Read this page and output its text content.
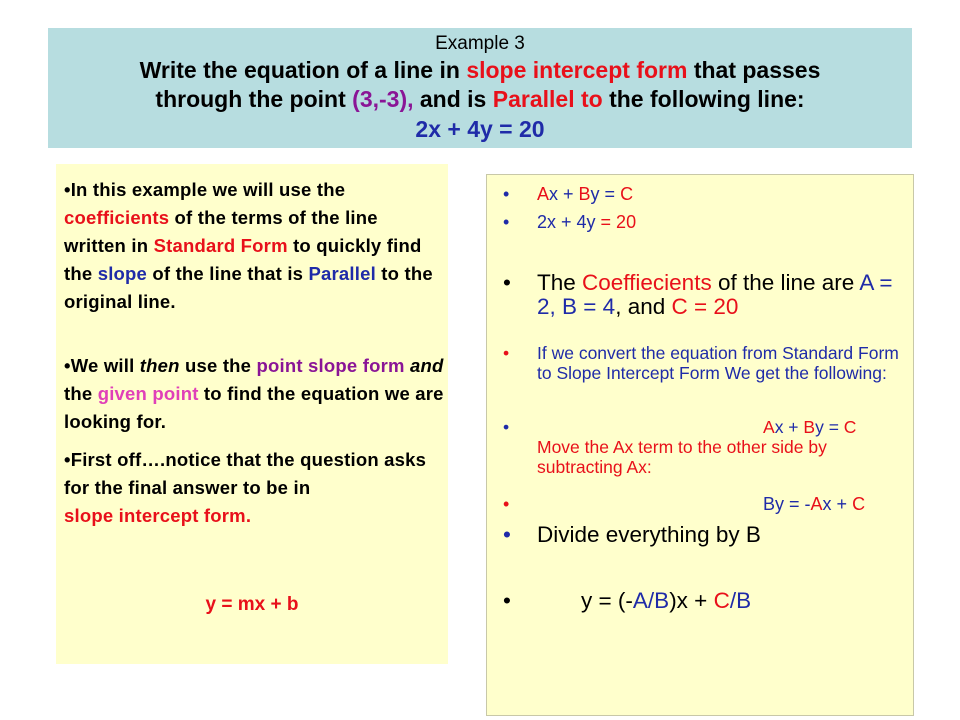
Example 3
Write the equation of a line in slope intercept form that passes
through the point (3,-3), and is Parallel to the following line:
2x + 4y = 20
•In this example we will use the coefficients of the terms of the line written in Standard Form to quickly find the slope of the line that is Parallel to the original line.
•We will then use the point slope form and the given point to find the equation we are looking for.
•First off….notice that the question asks for the final answer to be in
slope intercept form.
y = mx + b
• Ax + By = C
• 2x + 4y = 20
• The Coeffiecients of the line are A = 2, B = 4, and C = 20
• If we convert the equation from Standard Form to Slope Intercept Form We get the following:
•	Ax + By = C
Move the Ax term to the other side by subtracting Ax:
•	By = -Ax + C
• Divide everything by B
•	y = (-A/B)x + C/B
